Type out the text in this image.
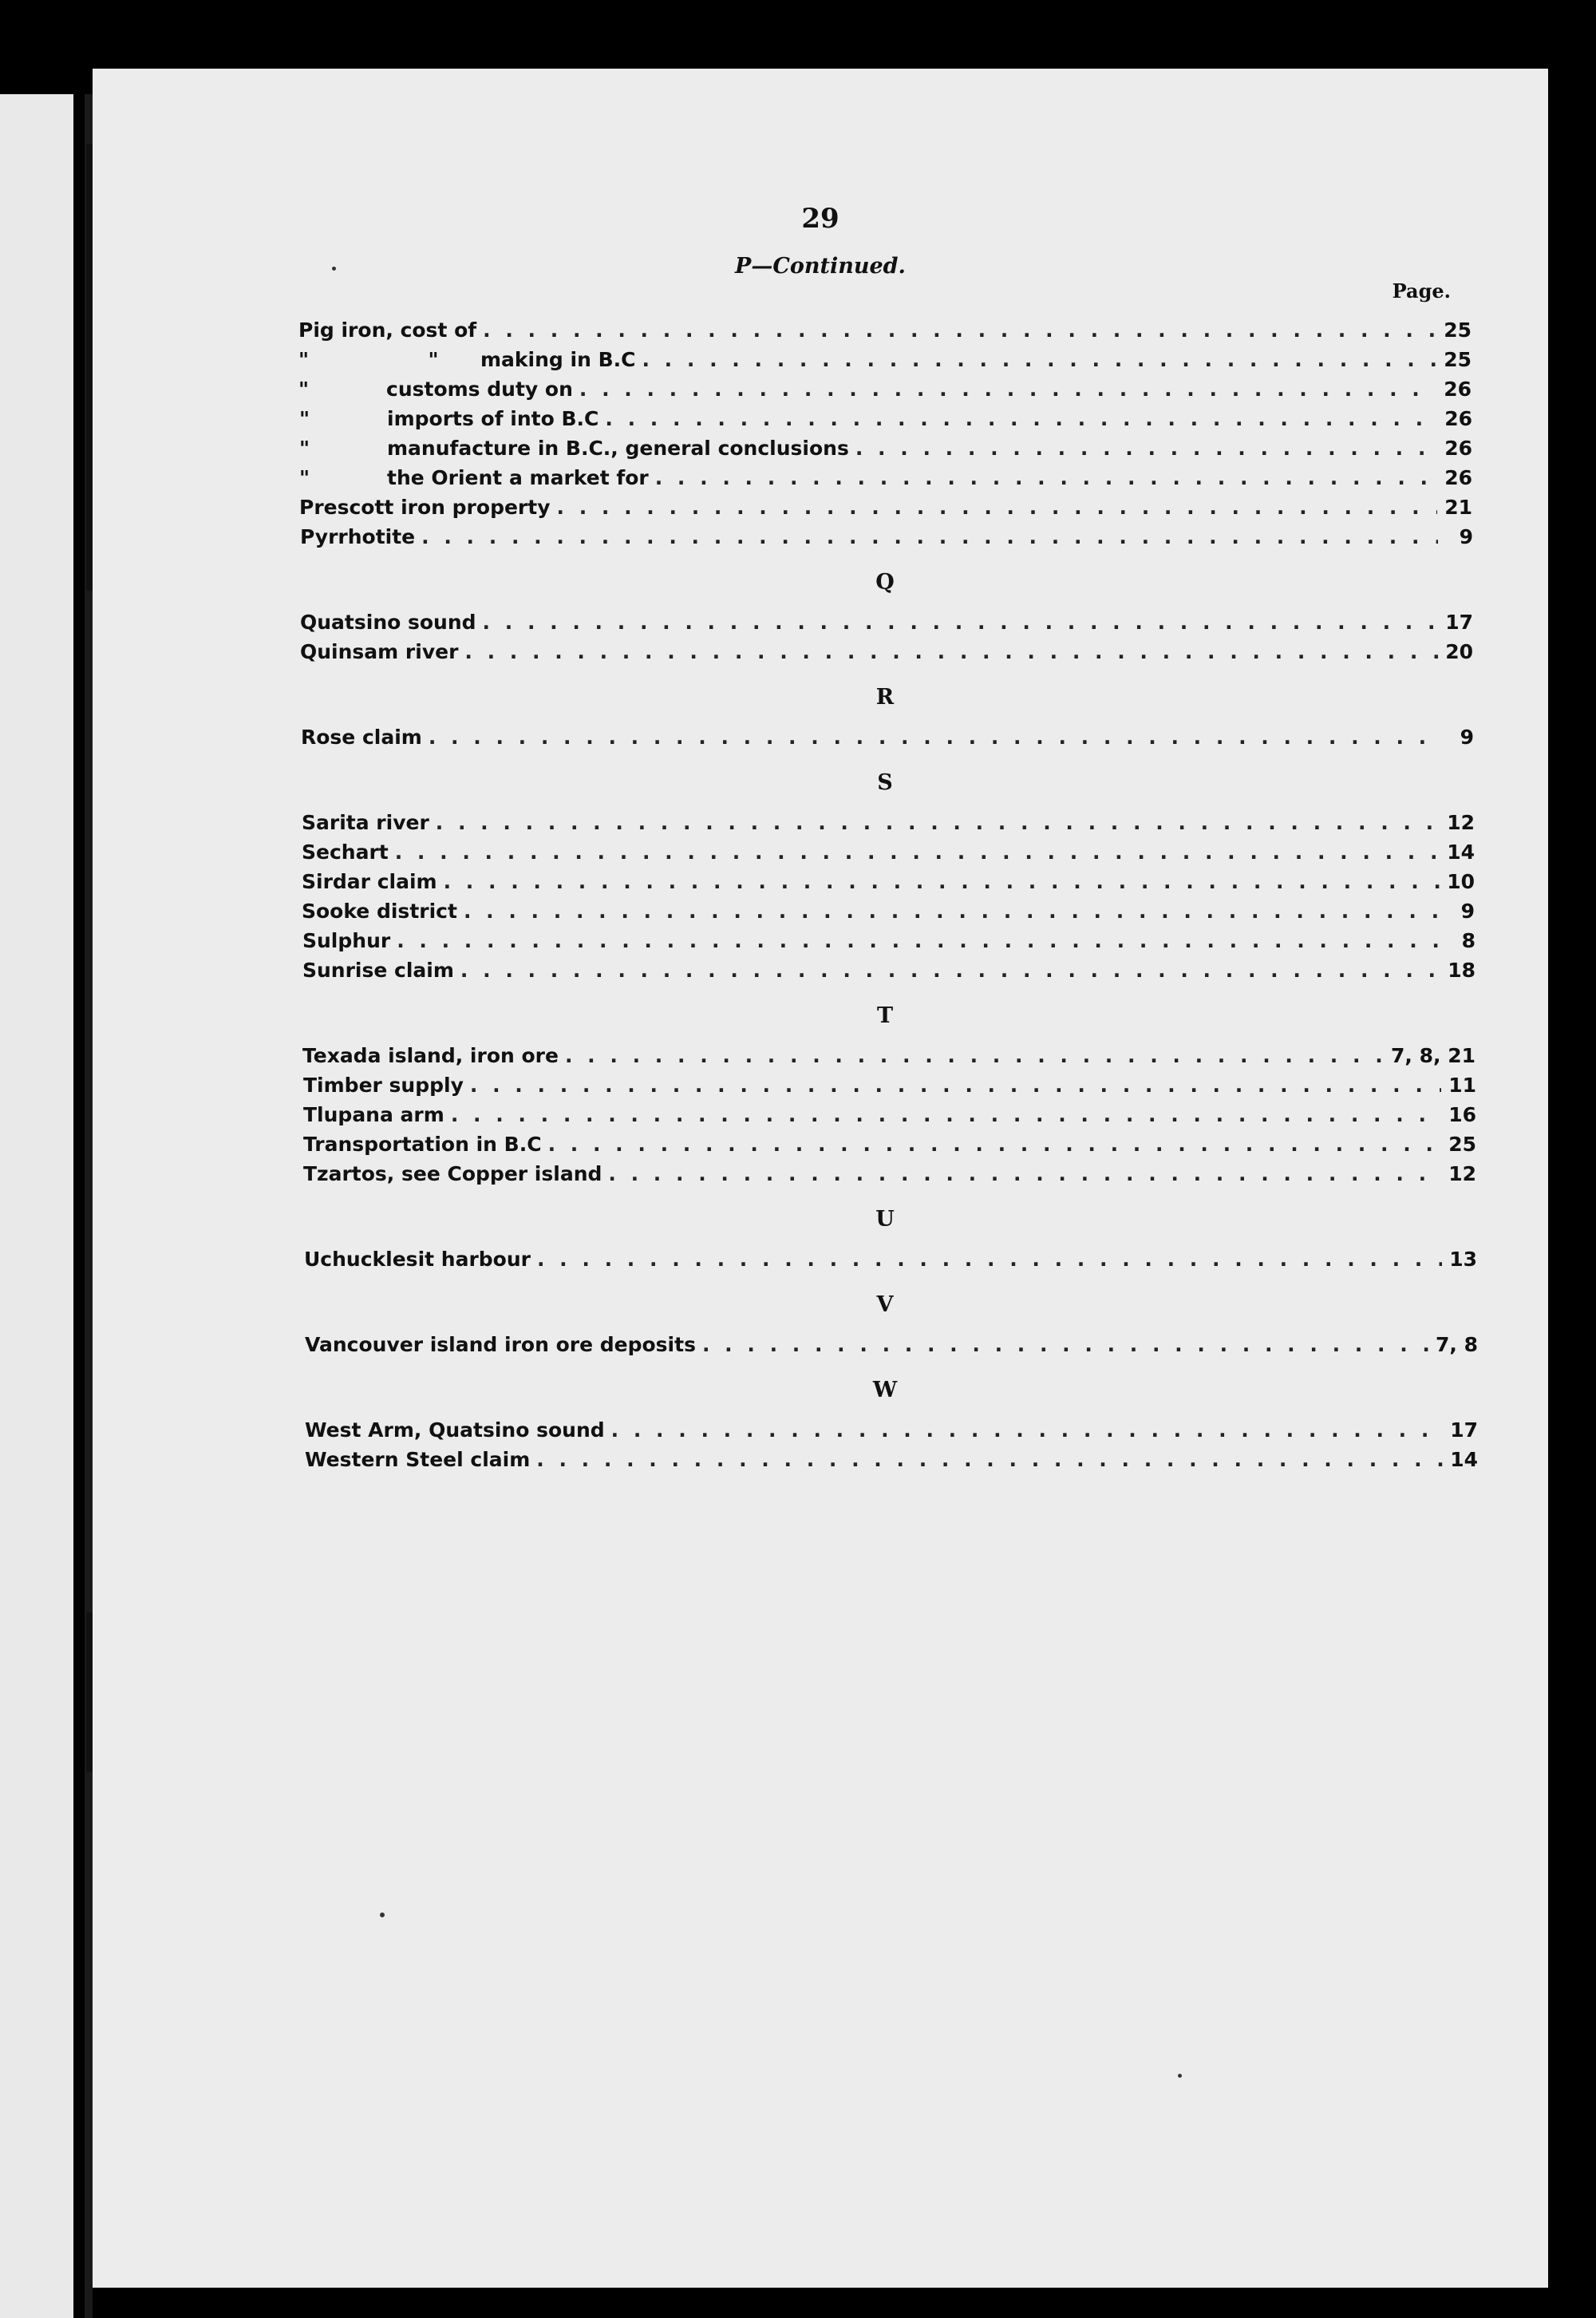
29
P—Continued.
Page.
Pig iron, cost of . . .	25
"	"	making in B.C . . .	25
"	customs duty on . . .	26
"	imports of into B.C . . .	26
"	manufacture in B.C., general conclusions . . .	26
"	the Orient a market for . . .	26
Prescott iron property . . .	21
Pyrrhotite . . .	9
Q
Quatsino sound . . .	17
Quinsam river . . .	20
R
Rose claim . . .	9
S
Sarita river . . .	12
Sechart . . .	14
Sirdar claim . . .	10
Sooke district . . .	9
Sulphur . . .	8
Sunrise claim . . .	18
T
Texada island, iron ore . . .	7, 8, 21
Timber supply . . .	11
Tlupana arm . . .	16
Transportation in B.C . . .	25
Tzartos, see Copper island . . .	12
U
Uchucklesit harbour . . .	13
V
Vancouver island iron ore deposits . . .	7, 8
W
West Arm, Quatsino sound . . .	17
Western Steel claim . . .	14
